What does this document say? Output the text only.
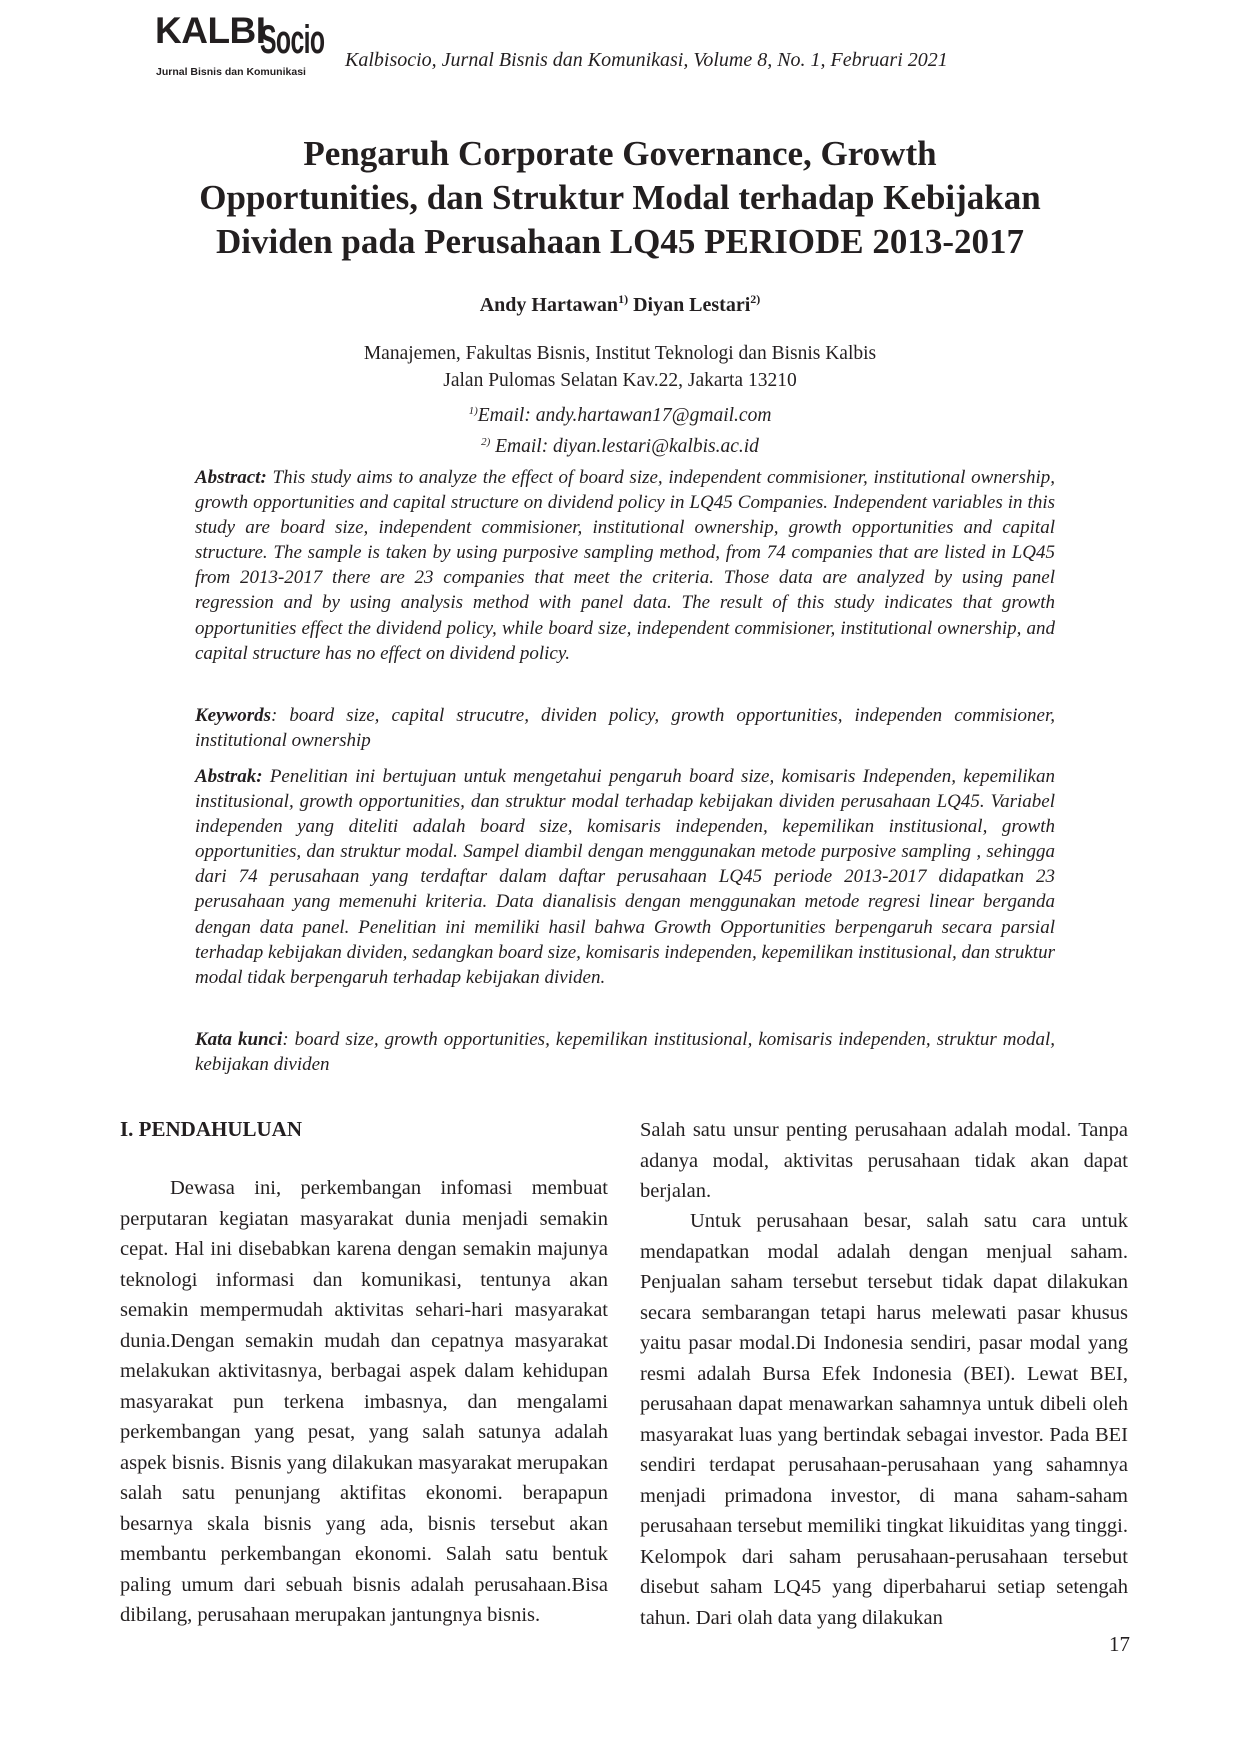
KALBI
Socio
Jurnal Bisnis dan Komunikasi
Kalbisocio, Jurnal Bisnis dan Komunikasi, Volume 8, No. 1, Februari 2021
Pengaruh Corporate Governance, Growth
Opportunities, dan Struktur Modal terhadap Kebijakan
Dividen pada Perusahaan LQ45 PERIODE 2013-2017
Andy Hartawan$^{1)}$ Diyan Lestari$^{2)}$
Manajemen, Fakultas Bisnis, Institut Teknologi dan Bisnis Kalbis
Jalan Pulomas Selatan Kav.22, Jakarta 13210
$^{1)}$Email: andy.hartawan17@gmail.com
$^{2)}$ Email: diyan.lestari@kalbis.ac.id

Abstract: This study aims to analyze the effect of board size, independent commisioner, institutional ownership, growth opportunities and capital structure on dividend policy in LQ45 Companies. Independent variables in this study are board size, independent commisioner, institutional ownership, growth opportunities and capital structure. The sample is taken by using purposive sampling method, from 74 companies that are listed in LQ45 from 2013-2017 there are 23 companies that meet the criteria. Those data are analyzed by using panel regression and by using analysis method with panel data. The result of this study indicates that growth opportunities effect the dividend policy, while board size, independent commisioner, institutional ownership, and capital structure has no effect on dividend policy.

Keywords: board size, capital strucutre, dividen policy, growth opportunities, independen commisioner, institutional ownership

Abstrak: Penelitian ini bertujuan untuk mengetahui pengaruh board size, komisaris Independen, kepemilikan institusional, growth opportunities, dan struktur modal terhadap kebijakan dividen perusahaan LQ45. Variabel independen yang diteliti adalah board size, komisaris independen, kepemilikan institusional, growth opportunities, dan struktur modal. Sampel diambil dengan menggunakan metode purposive sampling , sehingga dari 74 perusahaan yang terdaftar dalam daftar perusahaan LQ45 periode 2013-2017 didapatkan 23 perusahaan yang memenuhi kriteria. Data dianalisis dengan menggunakan metode regresi linear berganda dengan data panel. Penelitian ini memiliki hasil bahwa Growth Opportunities berpengaruh secara parsial terhadap kebijakan dividen, sedangkan board size, komisaris independen, kepemilikan institusional, dan struktur modal tidak berpengaruh terhadap kebijakan dividen.

Kata kunci: board size, growth opportunities, kepemilikan institusional, komisaris independen, struktur modal, kebijakan dividen

I. PENDAHULUAN

Dewasa ini, perkembangan infomasi membuat perputaran kegiatan masyarakat dunia menjadi semakin cepat. Hal ini disebabkan karena dengan semakin majunya teknologi informasi dan komunikasi, tentunya akan semakin mempermudah aktivitas sehari-hari masyarakat dunia.Dengan semakin mudah dan cepatnya masyarakat melakukan aktivitasnya, berbagai aspek dalam kehidupan masyarakat pun terkena imbasnya, dan mengalami perkembangan yang pesat, yang salah satunya adalah aspek bisnis. Bisnis yang dilakukan masyarakat merupakan salah satu penunjang aktifitas ekonomi. berapapun besarnya skala bisnis yang ada, bisnis tersebut akan membantu perkembangan ekonomi. Salah satu bentuk paling umum dari sebuah bisnis adalah perusahaan.Bisa dibilang, perusahaan merupakan jantungnya bisnis.

Salah satu unsur penting perusahaan adalah modal. Tanpa adanya modal, aktivitas perusahaan tidak akan dapat berjalan.

Untuk perusahaan besar, salah satu cara untuk mendapatkan modal adalah dengan menjual saham. Penjualan saham tersebut tersebut tidak dapat dilakukan secara sembarangan tetapi harus melewati pasar khusus yaitu pasar modal.Di Indonesia sendiri, pasar modal yang resmi adalah Bursa Efek Indonesia (BEI). Lewat BEI, perusahaan dapat menawarkan sahamnya untuk dibeli oleh masyarakat luas yang bertindak sebagai investor. Pada BEI sendiri terdapat perusahaan-perusahaan yang sahamnya menjadi primadona investor, di mana saham-saham perusahaan tersebut memiliki tingkat likuiditas yang tinggi. Kelompok dari saham perusahaan-perusahaan tersebut disebut saham LQ45 yang diperbaharui setiap setengah tahun. Dari olah data yang dilakukan

17
